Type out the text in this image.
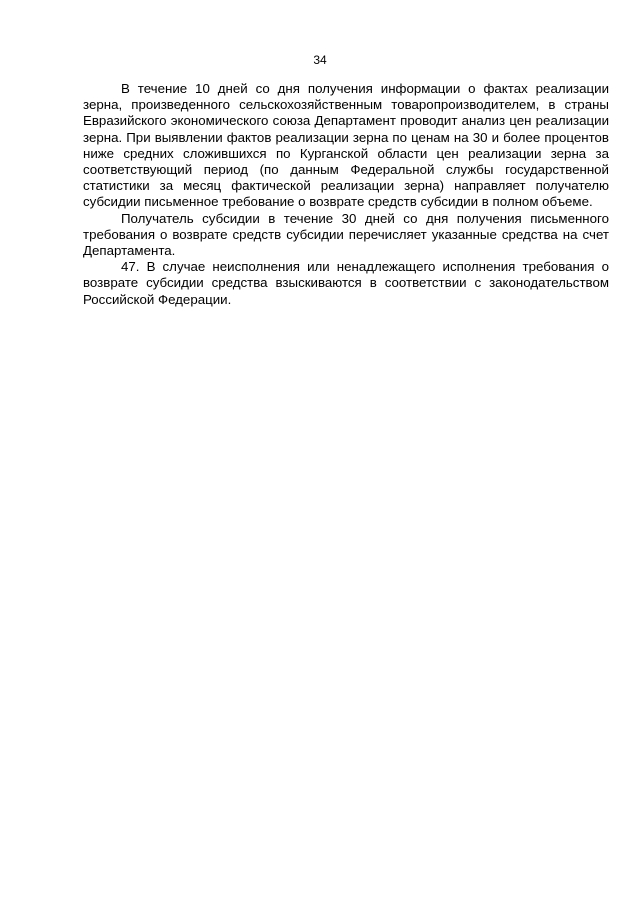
34

В течение 10 дней со дня получения информации о фактах реализации зерна, произведенного сельскохозяйственным товаропроизводителем, в страны Евразийского экономического союза Департамент проводит анализ цен реализации зерна. При выявлении фактов реализации зерна по ценам на 30 и более процентов ниже средних сложившихся по Курганской области цен реализации зерна за соответствующий период (по данным Федеральной службы государственной статистики за месяц фактической реализации зерна) направляет получателю субсидии письменное требование о возврате средств субсидии в полном объеме.

Получатель субсидии в течение 30 дней со дня получения письменного требования о возврате средств субсидии перечисляет указанные средства на счет Департамента.

47. В случае неисполнения или ненадлежащего исполнения требования о возврате субсидии средства взыскиваются в соответствии с законодательством Российской Федерации.
